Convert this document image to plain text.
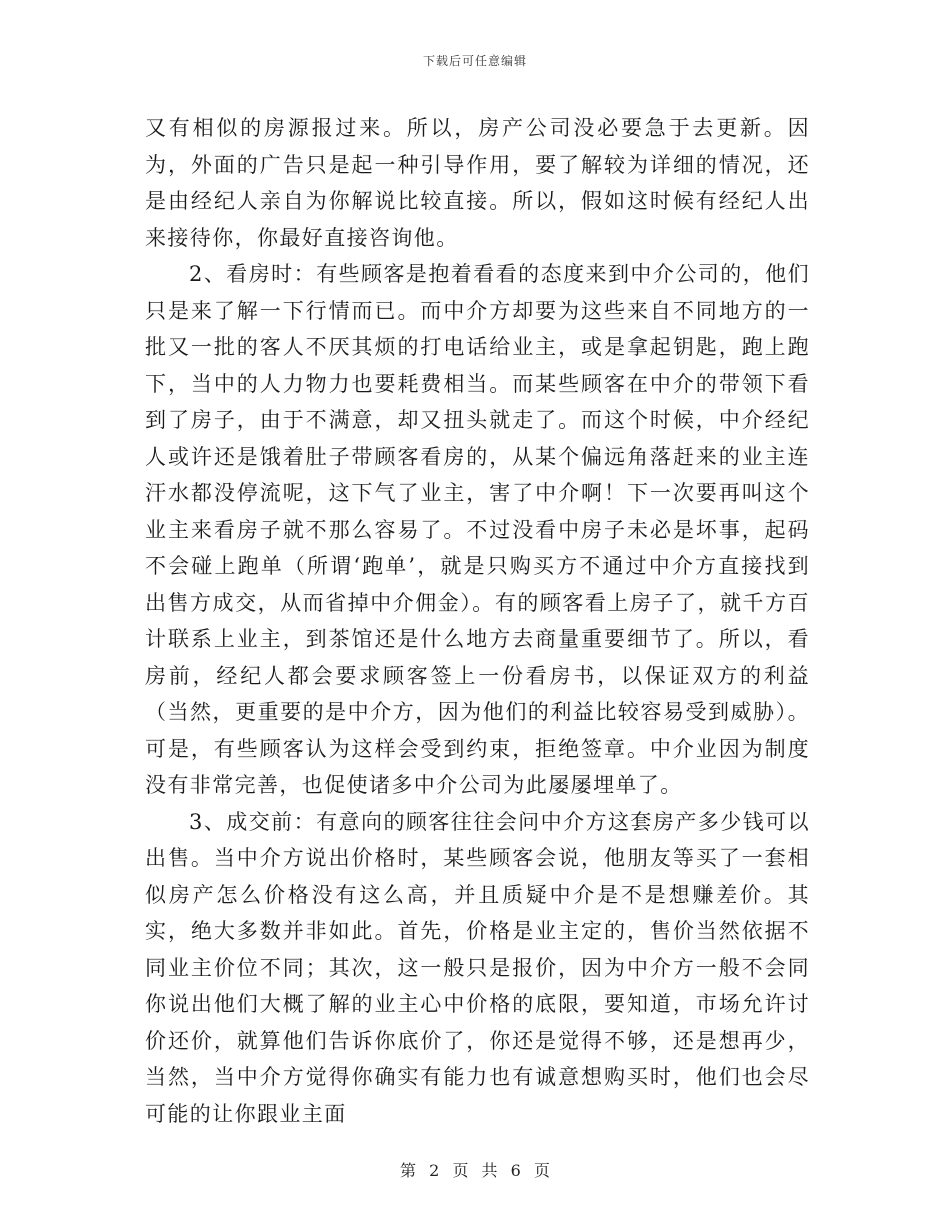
下载后可任意编辑

又有相似的房源报过来。所以，房产公司没必要急于去更新。因为，外面的广告只是起一种引导作用，要了解较为详细的情况，还是由经纪人亲自为你解说比较直接。所以，假如这时候有经纪人出来接待你，你最好直接咨询他。

2、看房时：有些顾客是抱着看看的态度来到中介公司的，他们只是来了解一下行情而已。而中介方却要为这些来自不同地方的一批又一批的客人不厌其烦的打电话给业主，或是拿起钥匙，跑上跑下，当中的人力物力也要耗费相当。而某些顾客在中介的带领下看到了房子，由于不满意，却又扭头就走了。而这个时候，中介经纪人或许还是饿着肚子带顾客看房的，从某个偏远角落赶来的业主连汗水都没停流呢，这下气了业主，害了中介啊！下一次要再叫这个业主来看房子就不那么容易了。不过没看中房子未必是坏事，起码不会碰上跑单（所谓‘跑单’，就是只购买方不通过中介方直接找到出售方成交，从而省掉中介佣金）。有的顾客看上房子了，就千方百计联系上业主，到茶馆还是什么地方去商量重要细节了。所以，看房前，经纪人都会要求顾客签上一份看房书，以保证双方的利益（当然，更重要的是中介方，因为他们的利益比较容易受到威胁）。可是，有些顾客认为这样会受到约束，拒绝签章。中介业因为制度没有非常完善，也促使诸多中介公司为此屡屡埋单了。

3、成交前：有意向的顾客往往会问中介方这套房产多少钱可以出售。当中介方说出价格时，某些顾客会说，他朋友等买了一套相似房产怎么价格没有这么高，并且质疑中介是不是想赚差价。其实，绝大多数并非如此。首先，价格是业主定的，售价当然依据不同业主价位不同；其次，这一般只是报价，因为中介方一般不会同你说出他们大概了解的业主心中价格的底限，要知道，市场允许讨价还价，就算他们告诉你底价了，你还是觉得不够，还是想再少，当然，当中介方觉得你确实有能力也有诚意想购买时，他们也会尽可能的让你跟业主面

第 2 页 共 6 页
